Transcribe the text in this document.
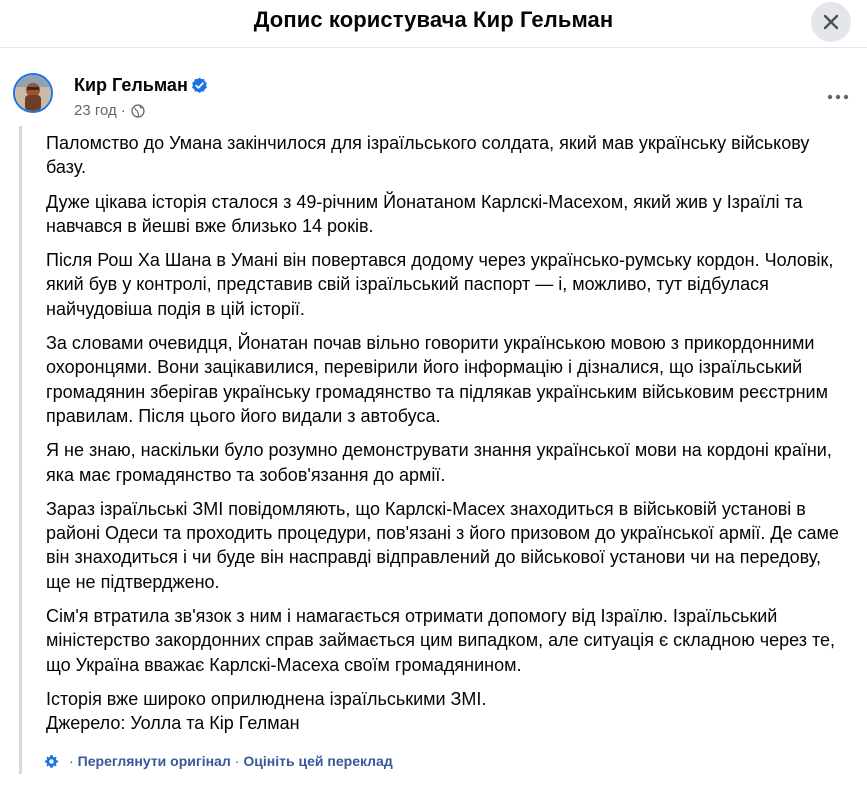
Допис користувача Кир Гельман
Кир Гельман
23 год ·

Паломство до Умана закінчилося для ізраїльського солдата, який мав українську військову базу.

Дуже цікава історія сталося з 49-річним Йонатаном Карлскі-Масехом, який жив у Ізраїлі та навчався в йешві вже близько 14 років.

Після Рош Ха Шана в Умані він повертався додому через українсько-румську кордон. Чоловік, який був у контролі, представив свій ізраїльський паспорт — і, можливо, тут відбулася найчудовіша подія в цій історії.

За словами очевидця, Йонатан почав вільно говорити українською мовою з прикордонними охоронцями. Вони зацікавилися, перевірили його інформацію і дізналися, що ізраїльський громадянин зберігав українську громадянство та підлякав українським військовим реєстрним правилам. Після цього його видали з автобуса.

Я не знаю, наскільки було розумно демонструвати знання української мови на кордоні країни, яка має громадянство та зобов'язання до армії.

Зараз ізраїльські ЗМІ повідомляють, що Карлскі-Масех знаходиться в військовій установі в районі Одеси та проходить процедури, пов'язані з його призовом до української армії. Де саме він знаходиться і чи буде він насправді відправлений до військової установи чи на передову, ще не підтверджено.

Сім'я втратила зв'язок з ним і намагається отримати допомогу від Ізраїлю. Ізраїльський міністерство закордонних справ займається цим випадком, але ситуація є складною через те, що Україна вважає Карлскі-Масеха своїм громадянином.

Історія вже широко оприлюднена ізраїльськими ЗМІ.
Джерело: Уолла та Кір Гелман
· Переглянути оригінал · Оцініть цей переклад
